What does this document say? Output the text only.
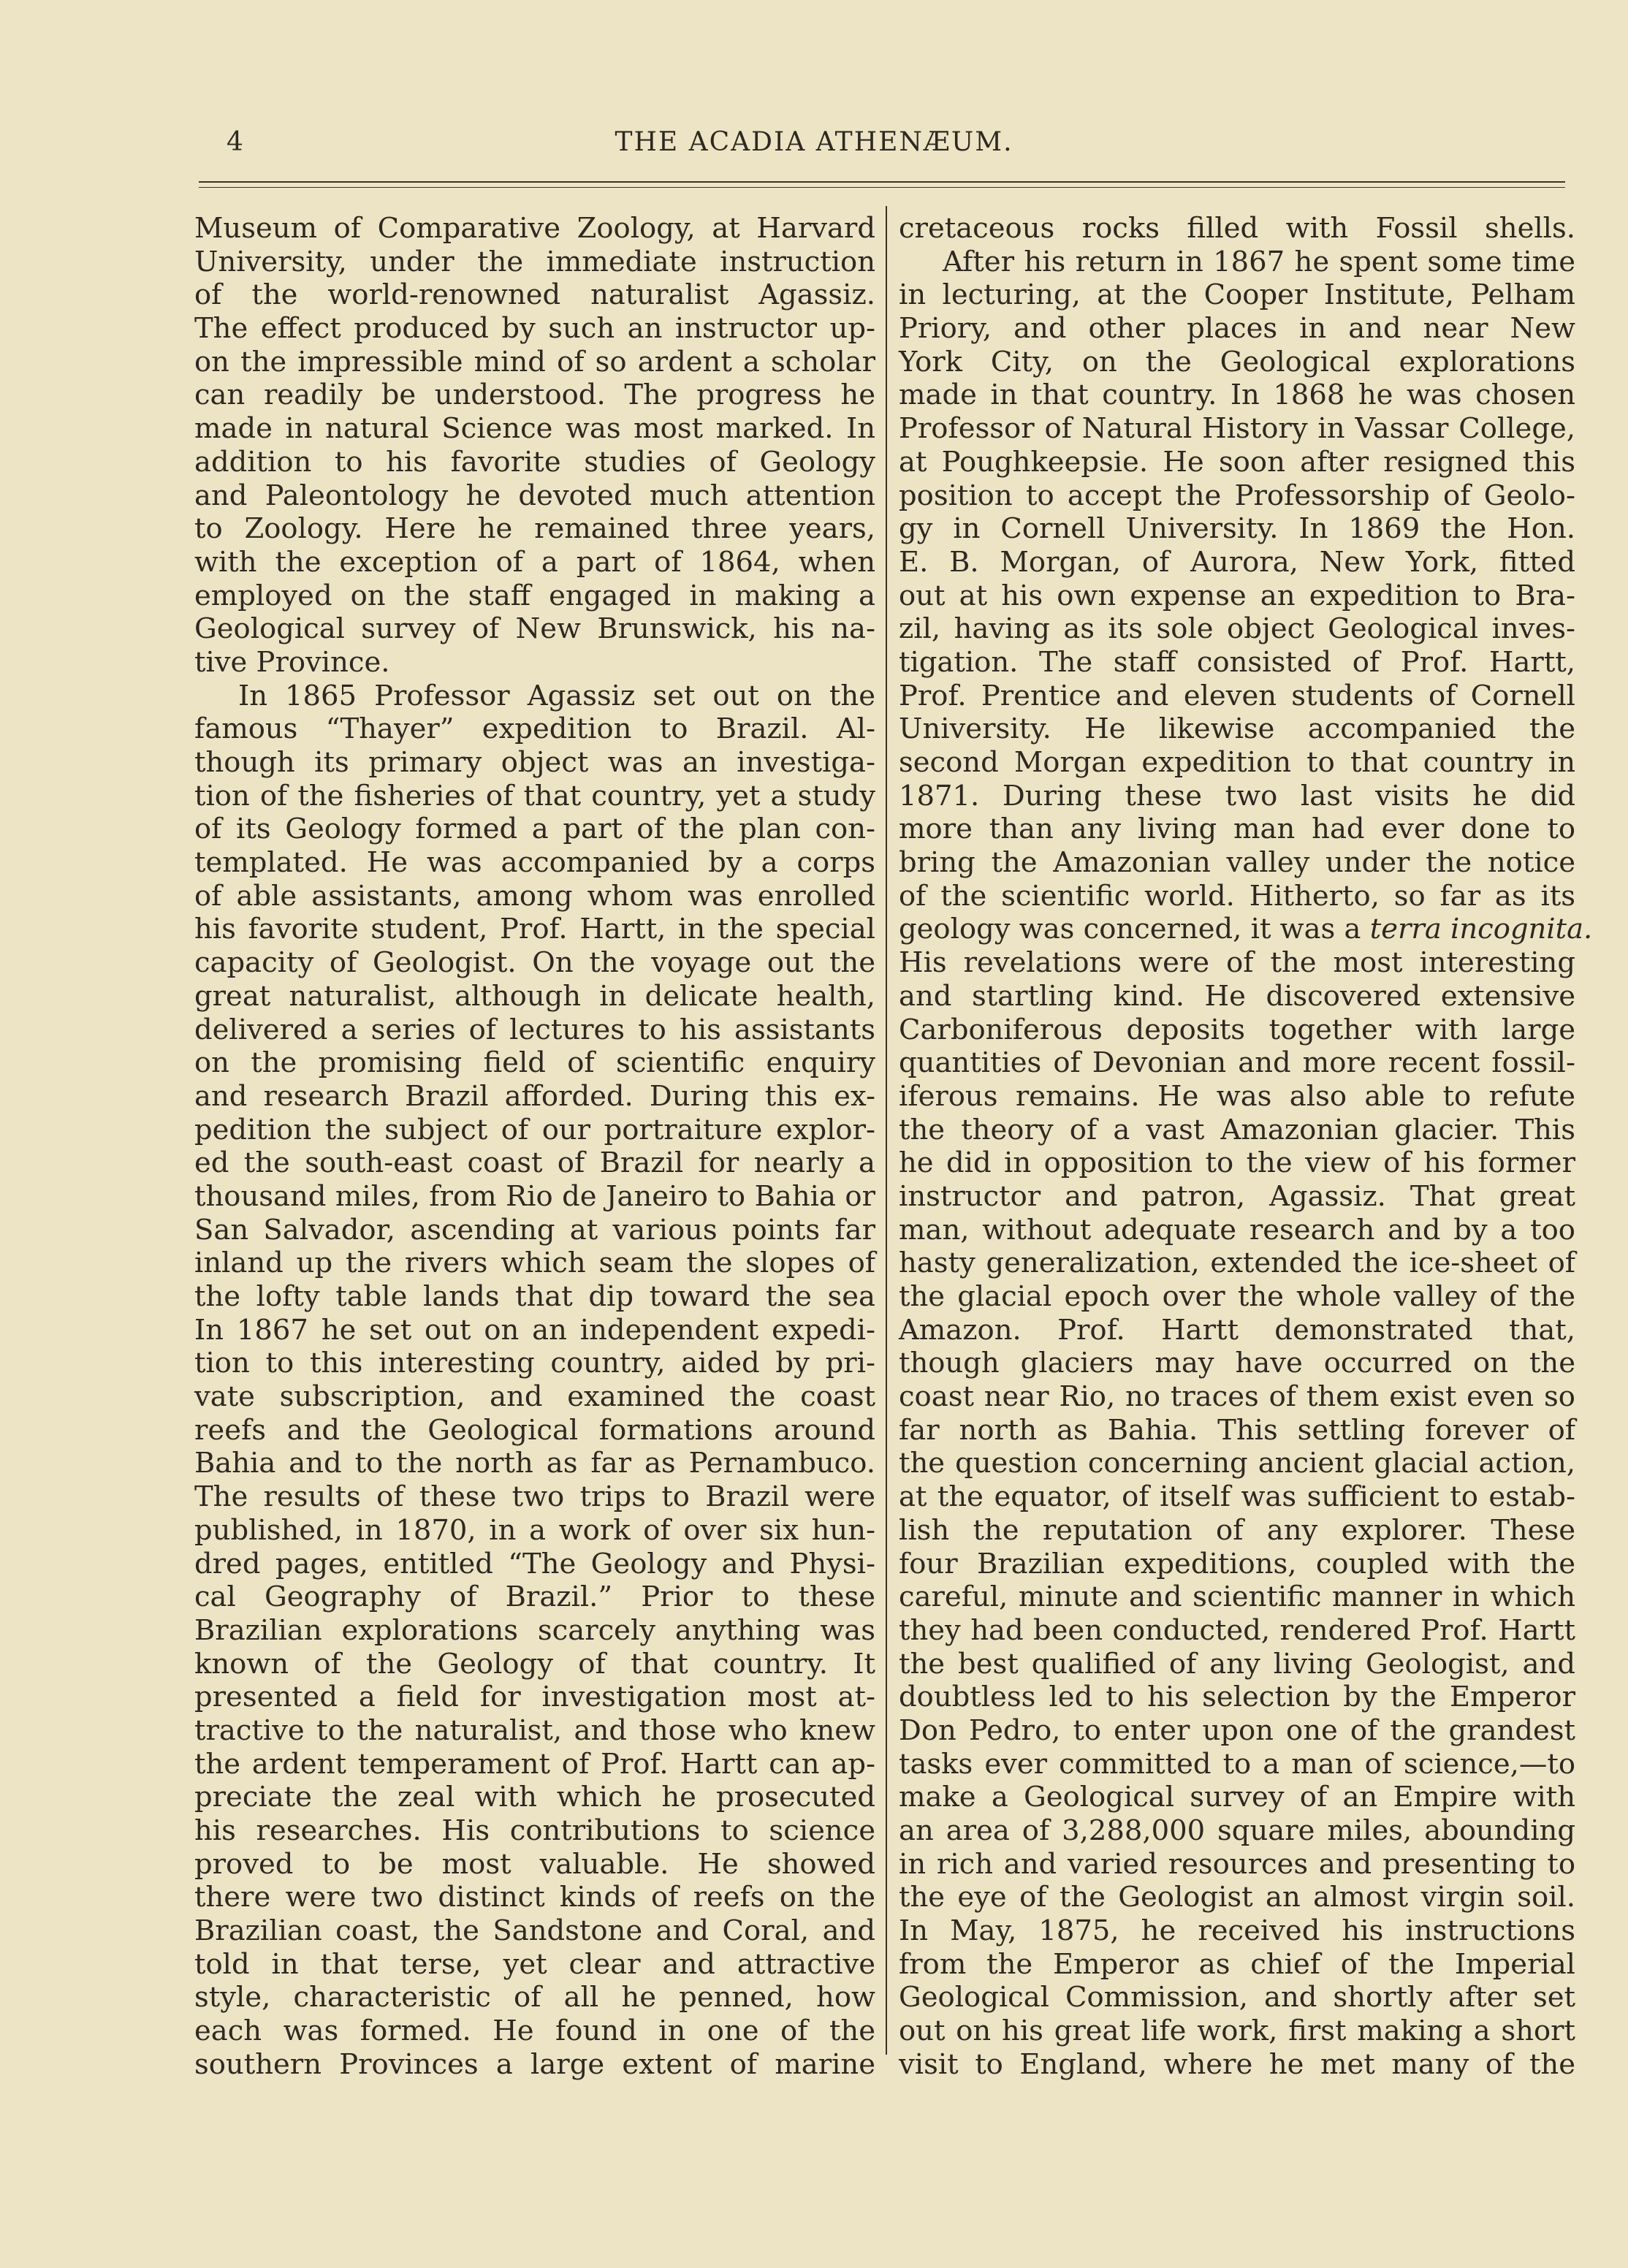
4	THE ACADIA ATHENÆUM.
Museum of Comparative Zoology, at Harvard
University, under the immediate instruction
of the world-renowned naturalist Agassiz.
The effect produced by such an instructor up-
on the impressible mind of so ardent a scholar
can readily be understood. The progress he
made in natural Science was most marked. In
addition to his favorite studies of Geology
and Paleontology he devoted much attention
to Zoology. Here he remained three years,
with the exception of a part of 1864, when
employed on the staff engaged in making a
Geological survey of New Brunswick, his na-
tive Province.
In 1865 Professor Agassiz set out on the
famous “Thayer” expedition to Brazil. Al-
though its primary object was an investiga-
tion of the fisheries of that country, yet a study
of its Geology formed a part of the plan con-
templated. He was accompanied by a corps
of able assistants, among whom was enrolled
his favorite student, Prof. Hartt, in the special
capacity of Geologist. On the voyage out the
great naturalist, although in delicate health,
delivered a series of lectures to his assistants
on the promising field of scientific enquiry
and research Brazil afforded. During this ex-
pedition the subject of our portraiture explor-
ed the south-east coast of Brazil for nearly a
thousand miles, from Rio de Janeiro to Bahia or
San Salvador, ascending at various points far
inland up the rivers which seam the slopes of
the lofty table lands that dip toward the sea
In 1867 he set out on an independent expedi-
tion to this interesting country, aided by pri-
vate subscription, and examined the coast
reefs and the Geological formations around
Bahia and to the north as far as Pernambuco.
The results of these two trips to Brazil were
published, in 1870, in a work of over six hun-
dred pages, entitled “The Geology and Physi-
cal Geography of Brazil.” Prior to these
Brazilian explorations scarcely anything was
known of the Geology of that country. It
presented a field for investigation most at-
tractive to the naturalist, and those who knew
the ardent temperament of Prof. Hartt can ap-
preciate the zeal with which he prosecuted
his researches. His contributions to science
proved to be most valuable. He showed
there were two distinct kinds of reefs on the
Brazilian coast, the Sandstone and Coral, and
told in that terse, yet clear and attractive
style, characteristic of all he penned, how
each was formed. He found in one of the
southern Provinces a large extent of marine
cretaceous rocks filled with Fossil shells.
After his return in 1867 he spent some time
in lecturing, at the Cooper Institute, Pelham
Priory, and other places in and near New
York City, on the Geological explorations
made in that country. In 1868 he was chosen
Professor of Natural History in Vassar College,
at Poughkeepsie. He soon after resigned this
position to accept the Professorship of Geolo-
gy in Cornell University. In 1869 the Hon.
E. B. Morgan, of Aurora, New York, fitted
out at his own expense an expedition to Bra-
zil, having as its sole object Geological inves-
tigation. The staff consisted of Prof. Hartt,
Prof. Prentice and eleven students of Cornell
University. He likewise accompanied the
second Morgan expedition to that country in
1871. During these two last visits he did
more than any living man had ever done to
bring the Amazonian valley under the notice
of the scientific world. Hitherto, so far as its
geology was concerned, it was a terra incognita.
His revelations were of the most interesting
and startling kind. He discovered extensive
Carboniferous deposits together with large
quantities of Devonian and more recent fossil-
iferous remains. He was also able to refute
the theory of a vast Amazonian glacier. This
he did in opposition to the view of his former
instructor and patron, Agassiz. That great
man, without adequate research and by a too
hasty generalization, extended the ice-sheet of
the glacial epoch over the whole valley of the
Amazon. Prof. Hartt demonstrated that,
though glaciers may have occurred on the
coast near Rio, no traces of them exist even so
far north as Bahia. This settling forever of
the question concerning ancient glacial action,
at the equator, of itself was sufficient to estab-
lish the reputation of any explorer. These
four Brazilian expeditions, coupled with the
careful, minute and scientific manner in which
they had been conducted, rendered Prof. Hartt
the best qualified of any living Geologist, and
doubtless led to his selection by the Emperor
Don Pedro, to enter upon one of the grandest
tasks ever committed to a man of science,—to
make a Geological survey of an Empire with
an area of 3,288,000 square miles, abounding
in rich and varied resources and presenting to
the eye of the Geologist an almost virgin soil.
In May, 1875, he received his instructions
from the Emperor as chief of the Imperial
Geological Commission, and shortly after set
out on his great life work, first making a short
visit to England, where he met many of the
